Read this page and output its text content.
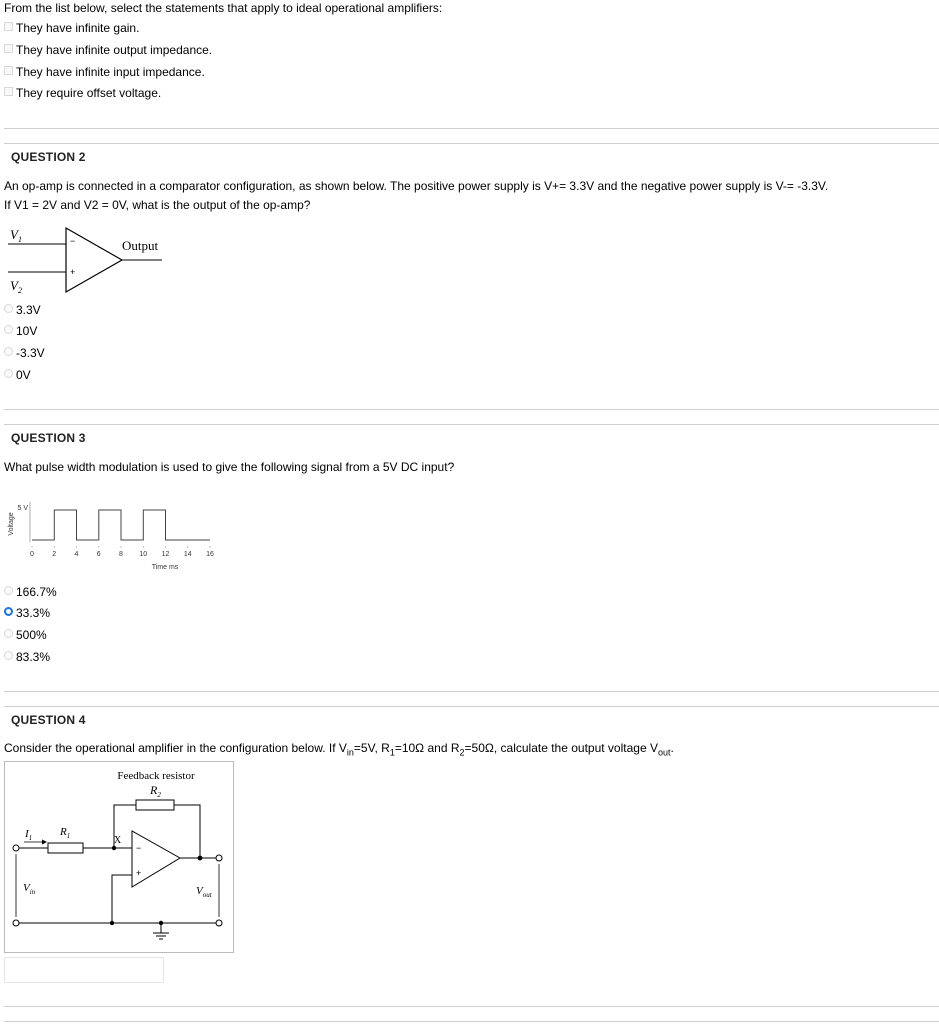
From the list below, select the statements that apply to ideal operational amplifiers:
They have infinite gain.
They have infinite output impedance.
They have infinite input impedance.
They require offset voltage.
QUESTION 2
An op-amp is connected in a comparator configuration, as shown below. The positive power supply is V+= 3.3V and the negative power supply is V-= -3.3V.
If V1 = 2V and V2 = 0V, what is the output of the op-amp?
$V_1$
$V_2$
−
+
Output
3.3V
10V
-3.3V
0V
QUESTION 3
What pulse width modulation is used to give the following signal from a 5V DC input?
Voltage
5 V
0	2	4	6	8 10 12 14 16
Time ms
166.7%
33.3%
500%
83.3%
QUESTION 4
Consider the operational amplifier in the configuration below. If $V_{in}=5V$, $R_1=10\Omega$ and $R_2=50\Omega$, calculate the output voltage $V_{out}$.
Feedback resistor
$R_2$
$I_1$	$R_1$	X
−
+
$V_{in}$	$V_{out}$
